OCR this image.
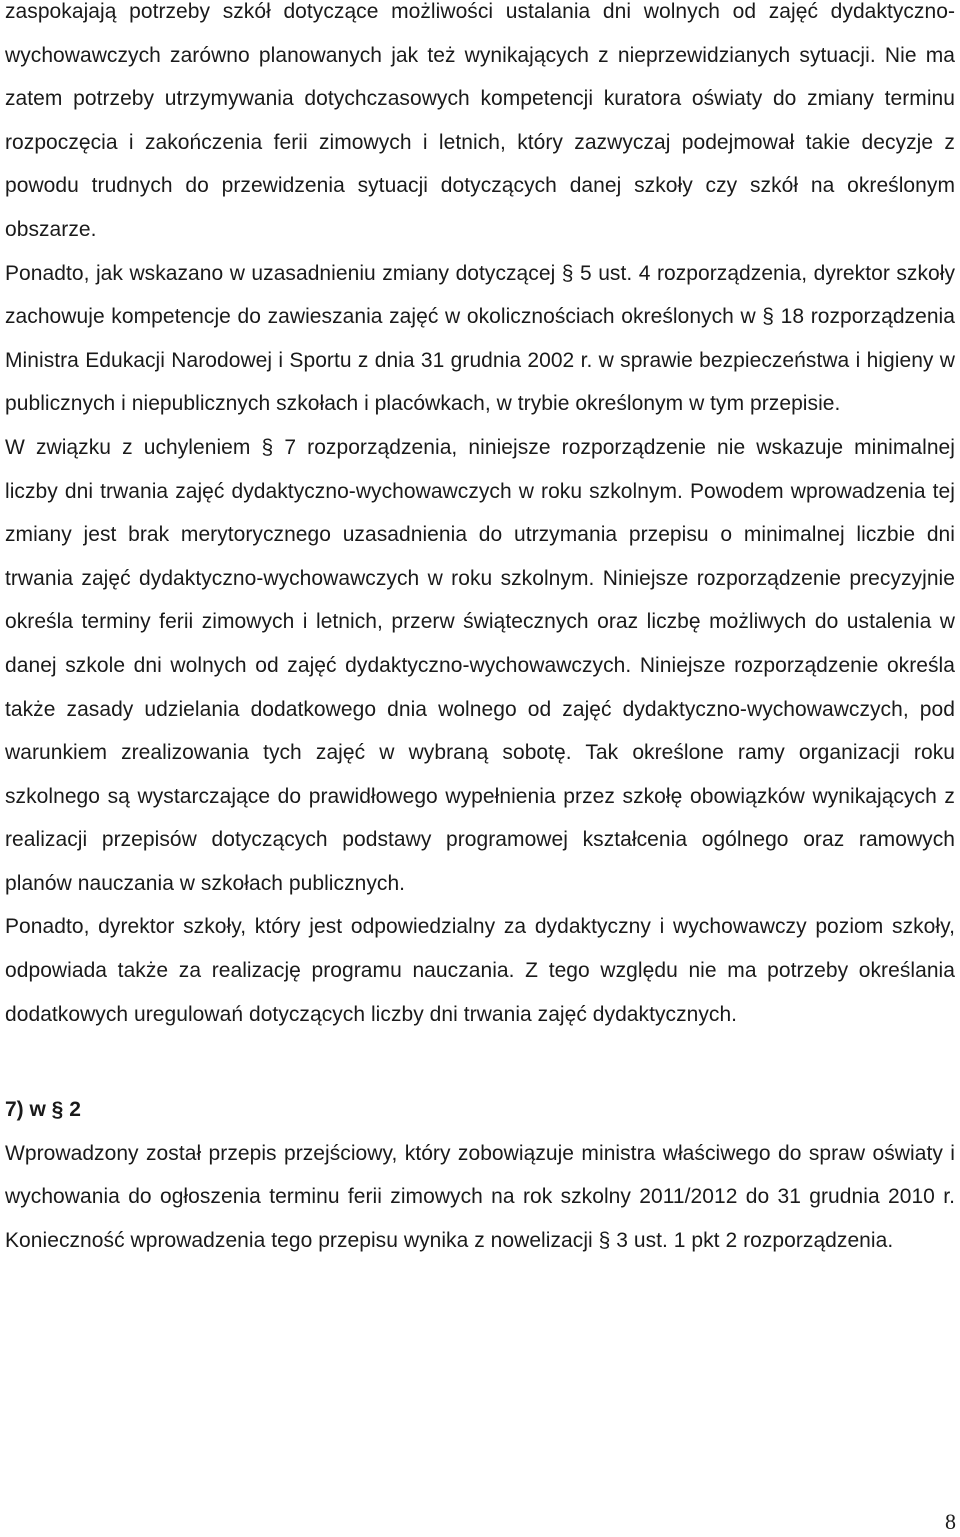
zaspokajają potrzeby szkół dotyczące możliwości ustalania dni wolnych od zajęć dydaktyczno-wychowawczych zarówno planowanych jak też wynikających z nieprzewidzianych sytuacji. Nie ma zatem potrzeby utrzymywania dotychczasowych kompetencji kuratora oświaty do zmiany terminu rozpoczęcia i zakończenia ferii zimowych i letnich, który zazwyczaj podejmował takie decyzje z powodu trudnych do przewidzenia sytuacji dotyczących danej szkoły czy szkół na określonym obszarze.

Ponadto, jak wskazano w uzasadnieniu zmiany dotyczącej § 5 ust. 4 rozporządzenia, dyrektor szkoły zachowuje kompetencje do zawieszania zajęć w okolicznościach określonych w § 18 rozporządzenia Ministra Edukacji Narodowej i Sportu z dnia 31 grudnia 2002 r. w sprawie bezpieczeństwa i higieny w publicznych i niepublicznych szkołach i placówkach, w trybie określonym w tym przepisie.

W związku z uchyleniem § 7 rozporządzenia, niniejsze rozporządzenie nie wskazuje minimalnej liczby dni trwania zajęć dydaktyczno-wychowawczych w roku szkolnym. Powodem wprowadzenia tej zmiany jest brak merytorycznego uzasadnienia do utrzymania przepisu o minimalnej liczbie dni trwania zajęć dydaktyczno-wychowawczych w roku szkolnym. Niniejsze rozporządzenie precyzyjnie określa terminy ferii zimowych i letnich, przerw świątecznych oraz liczbę możliwych do ustalenia w danej szkole dni wolnych od zajęć dydaktyczno-wychowawczych. Niniejsze rozporządzenie określa także zasady udzielania dodatkowego dnia wolnego od zajęć dydaktyczno-wychowawczych, pod warunkiem zrealizowania tych zajęć w wybraną sobotę. Tak określone ramy organizacji roku szkolnego są wystarczające do prawidłowego wypełnienia przez szkołę obowiązków wynikających z realizacji przepisów dotyczących podstawy programowej kształcenia ogólnego oraz ramowych planów nauczania w szkołach publicznych.

Ponadto, dyrektor szkoły, który jest odpowiedzialny za dydaktyczny i wychowawczy poziom szkoły, odpowiada także za realizację programu nauczania. Z tego względu nie ma potrzeby określania dodatkowych uregulowań dotyczących liczby dni trwania zajęć dydaktycznych.

7) w § 2

Wprowadzony został przepis przejściowy, który zobowiązuje ministra właściwego do spraw oświaty i wychowania do ogłoszenia terminu ferii zimowych na rok szkolny 2011/2012 do 31 grudnia 2010 r. Konieczność wprowadzenia tego przepisu wynika z nowelizacji § 3 ust. 1 pkt 2 rozporządzenia.

8
